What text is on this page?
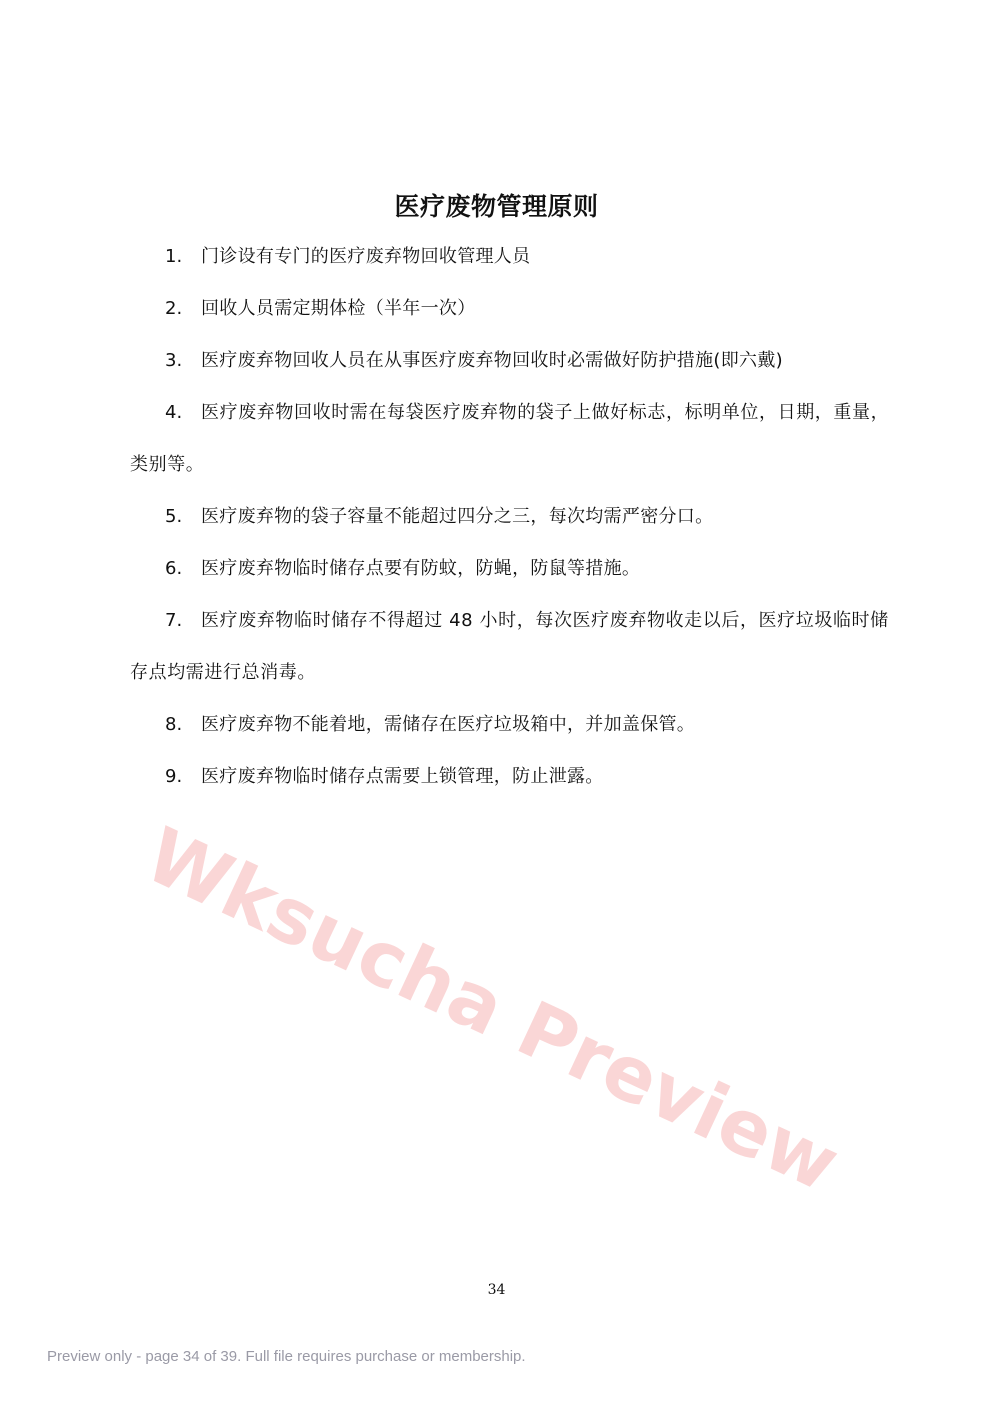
医疗废物管理原则
1. 门诊设有专门的医疗废弃物回收管理人员
2. 回收人员需定期体检（半年一次）
3. 医疗废弃物回收人员在从事医疗废弃物回收时必需做好防护措施(即六戴)
4. 医疗废弃物回收时需在每袋医疗废弃物的袋子上做好标志，标明单位，日期，重量，类别等。
5. 医疗废弃物的袋子容量不能超过四分之三，每次均需严密分口。
6. 医疗废弃物临时储存点要有防蚊，防蝇，防鼠等措施。
7. 医疗废弃物临时储存不得超过 48 小时，每次医疗废弃物收走以后，医疗垃圾临时储存点均需进行总消毒。
8. 医疗废弃物不能着地，需储存在医疗垃圾箱中，并加盖保管。
9. 医疗废弃物临时储存点需要上锁管理，防止泄露。
Wksucha Preview
34
Preview only - page 34 of 39. Full file requires purchase or membership.
